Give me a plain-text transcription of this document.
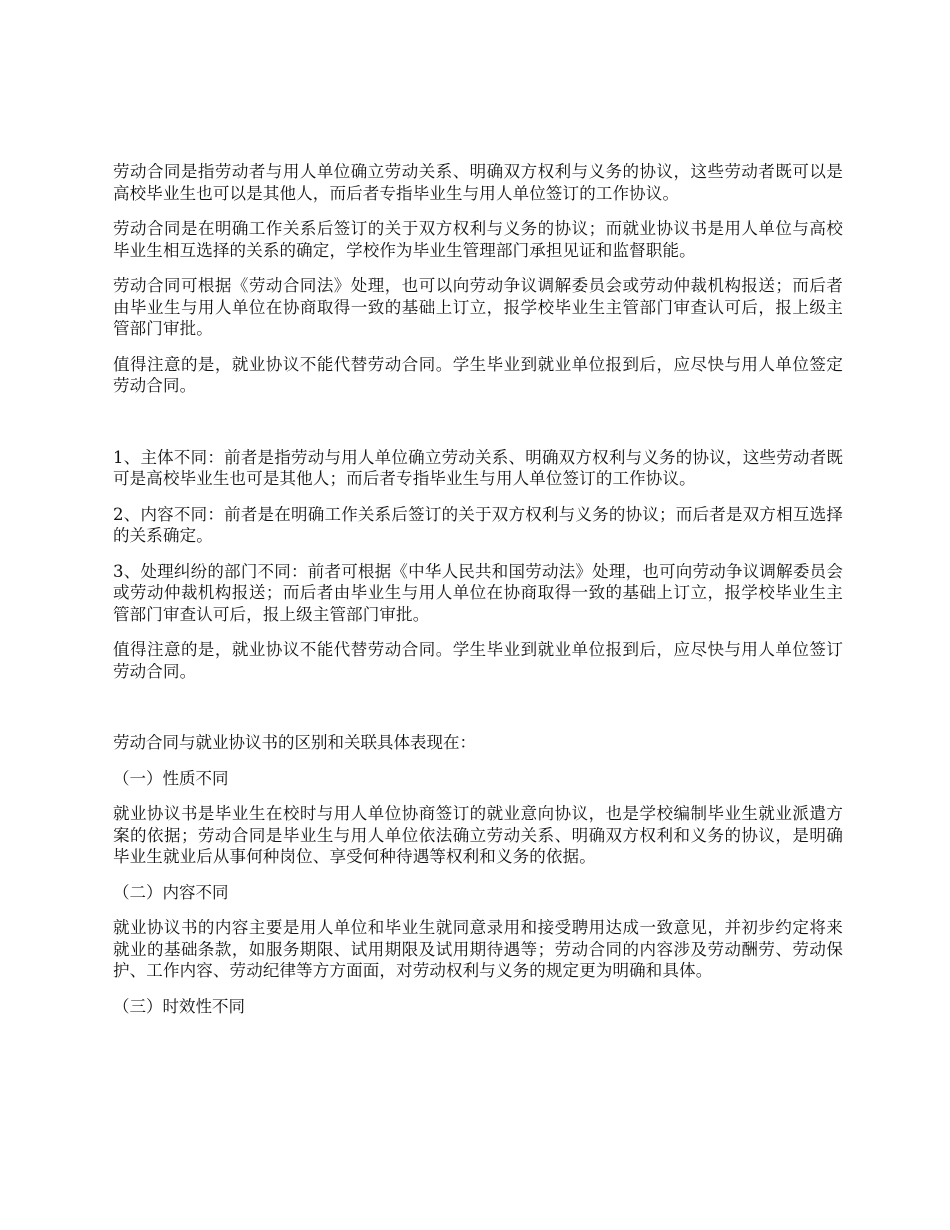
劳动合同是指劳动者与用人单位确立劳动关系、明确双方权利与义务的协议，这些劳动者既可以是高校毕业生也可以是其他人，而后者专指毕业生与用人单位签订的工作协议。

劳动合同是在明确工作关系后签订的关于双方权利与义务的协议；而就业协议书是用人单位与高校毕业生相互选择的关系的确定，学校作为毕业生管理部门承担见证和监督职能。

劳动合同可根据《劳动合同法》处理，也可以向劳动争议调解委员会或劳动仲裁机构报送；而后者由毕业生与用人单位在协商取得一致的基础上订立，报学校毕业生主管部门审查认可后，报上级主管部门审批。

值得注意的是，就业协议不能代替劳动合同。学生毕业到就业单位报到后，应尽快与用人单位签定劳动合同。

1、主体不同：前者是指劳动与用人单位确立劳动关系、明确双方权利与义务的协议，这些劳动者既可是高校毕业生也可是其他人；而后者专指毕业生与用人单位签订的工作协议。

2、内容不同：前者是在明确工作关系后签订的关于双方权利与义务的协议；而后者是双方相互选择的关系确定。

3、处理纠纷的部门不同：前者可根据《中华人民共和国劳动法》处理，也可向劳动争议调解委员会或劳动仲裁机构报送；而后者由毕业生与用人单位在协商取得一致的基础上订立，报学校毕业生主管部门审查认可后，报上级主管部门审批。

值得注意的是，就业协议不能代替劳动合同。学生毕业到就业单位报到后，应尽快与用人单位签订劳动合同。

劳动合同与就业协议书的区别和关联具体表现在：

（一）性质不同

就业协议书是毕业生在校时与用人单位协商签订的就业意向协议，也是学校编制毕业生就业派遣方案的依据；劳动合同是毕业生与用人单位依法确立劳动关系、明确双方权利和义务的协议，是明确毕业生就业后从事何种岗位、享受何种待遇等权利和义务的依据。

（二）内容不同

就业协议书的内容主要是用人单位和毕业生就同意录用和接受聘用达成一致意见，并初步约定将来就业的基础条款，如服务期限、试用期限及试用期待遇等；劳动合同的内容涉及劳动酬劳、劳动保护、工作内容、劳动纪律等方方面面，对劳动权利与义务的规定更为明确和具体。

（三）时效性不同
